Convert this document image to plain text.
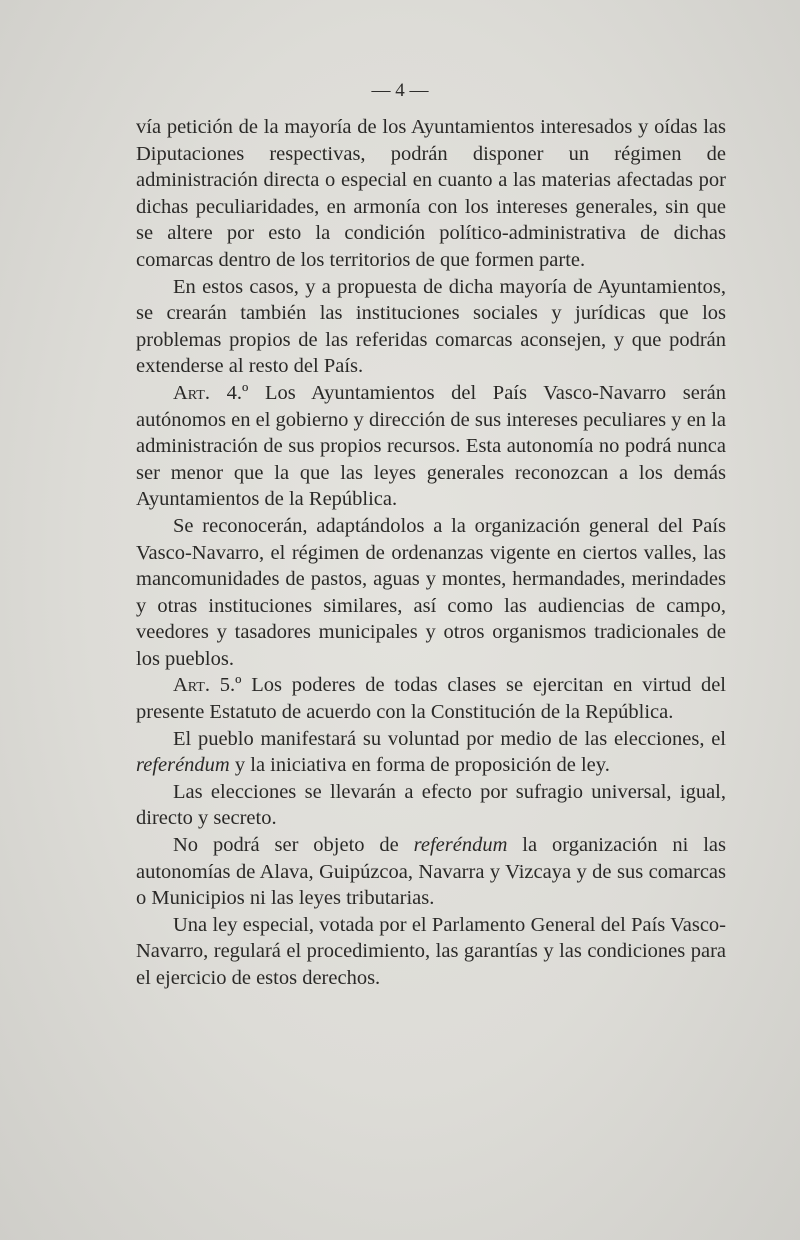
— 4 —

vía petición de la mayoría de los Ayuntamientos interesados y oídas las Diputaciones respectivas, podrán disponer un régimen de administración directa o especial en cuanto a las materias afectadas por dichas peculiaridades, en armonía con los intereses generales, sin que se altere por esto la condición político-administrativa de dichas comarcas dentro de los territorios de que formen parte.

En estos casos, y a propuesta de dicha mayoría de Ayuntamientos, se crearán también las instituciones sociales y jurídicas que los problemas propios de las referidas comarcas aconsejen, y que podrán extenderse al resto del País.

Art. 4.º Los Ayuntamientos del País Vasco-Navarro serán autónomos en el gobierno y dirección de sus intereses peculiares y en la administración de sus propios recursos. Esta autonomía no podrá nunca ser menor que la que las leyes generales reconozcan a los demás Ayuntamientos de la República.

Se reconocerán, adaptándolos a la organización general del País Vasco-Navarro, el régimen de ordenanzas vigente en ciertos valles, las mancomunidades de pastos, aguas y montes, hermandades, merindades y otras instituciones similares, así como las audiencias de campo, veedores y tasadores municipales y otros organismos tradicionales de los pueblos.

Art. 5.º Los poderes de todas clases se ejercitan en virtud del presente Estatuto de acuerdo con la Constitución de la República.

El pueblo manifestará su voluntad por medio de las elecciones, el referéndum y la iniciativa en forma de proposición de ley.

Las elecciones se llevarán a efecto por sufragio universal, igual, directo y secreto.

No podrá ser objeto de referéndum la organización ni las autonomías de Alava, Guipúzcoa, Navarra y Vizcaya y de sus comarcas o Municipios ni las leyes tributarias.

Una ley especial, votada por el Parlamento General del País Vasco-Navarro, regulará el procedimiento, las garantías y las condiciones para el ejercicio de estos derechos.
